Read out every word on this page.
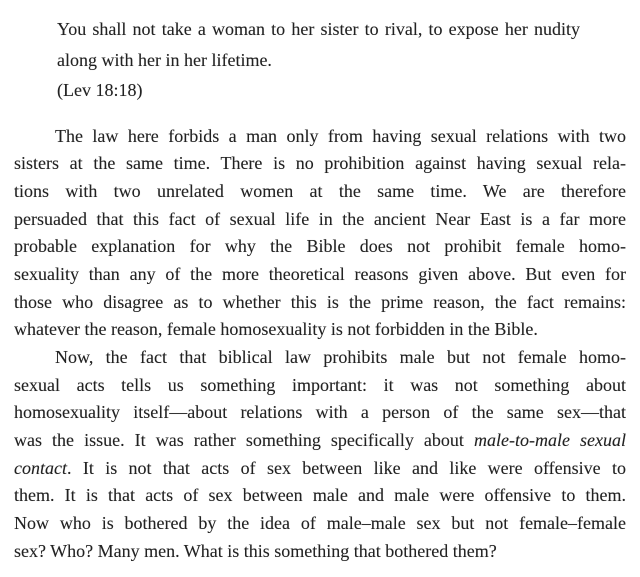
You shall not take a woman to her sister to rival, to expose her nudity
along with her in her lifetime.
(Lev 18:18)
The law here forbids a man only from having sexual relations with two
sisters at the same time. There is no prohibition against having sexual rela-
tions with two unrelated women at the same time. We are therefore
persuaded that this fact of sexual life in the ancient Near East is a far more
probable explanation for why the Bible does not prohibit female homo-
sexuality than any of the more theoretical reasons given above. But even for
those who disagree as to whether this is the prime reason, the fact remains:
whatever the reason, female homosexuality is not forbidden in the Bible.
Now, the fact that biblical law prohibits male but not female homo-
sexual acts tells us something important: it was not something about
homosexuality itself—about relations with a person of the same sex—that
was the issue. It was rather something specifically about male-to-male sexual
contact. It is not that acts of sex between like and like were offensive to
them. It is that acts of sex between male and male were offensive to them.
Now who is bothered by the idea of male–male sex but not female–female
sex? Who? Many men. What is this something that bothered them?
